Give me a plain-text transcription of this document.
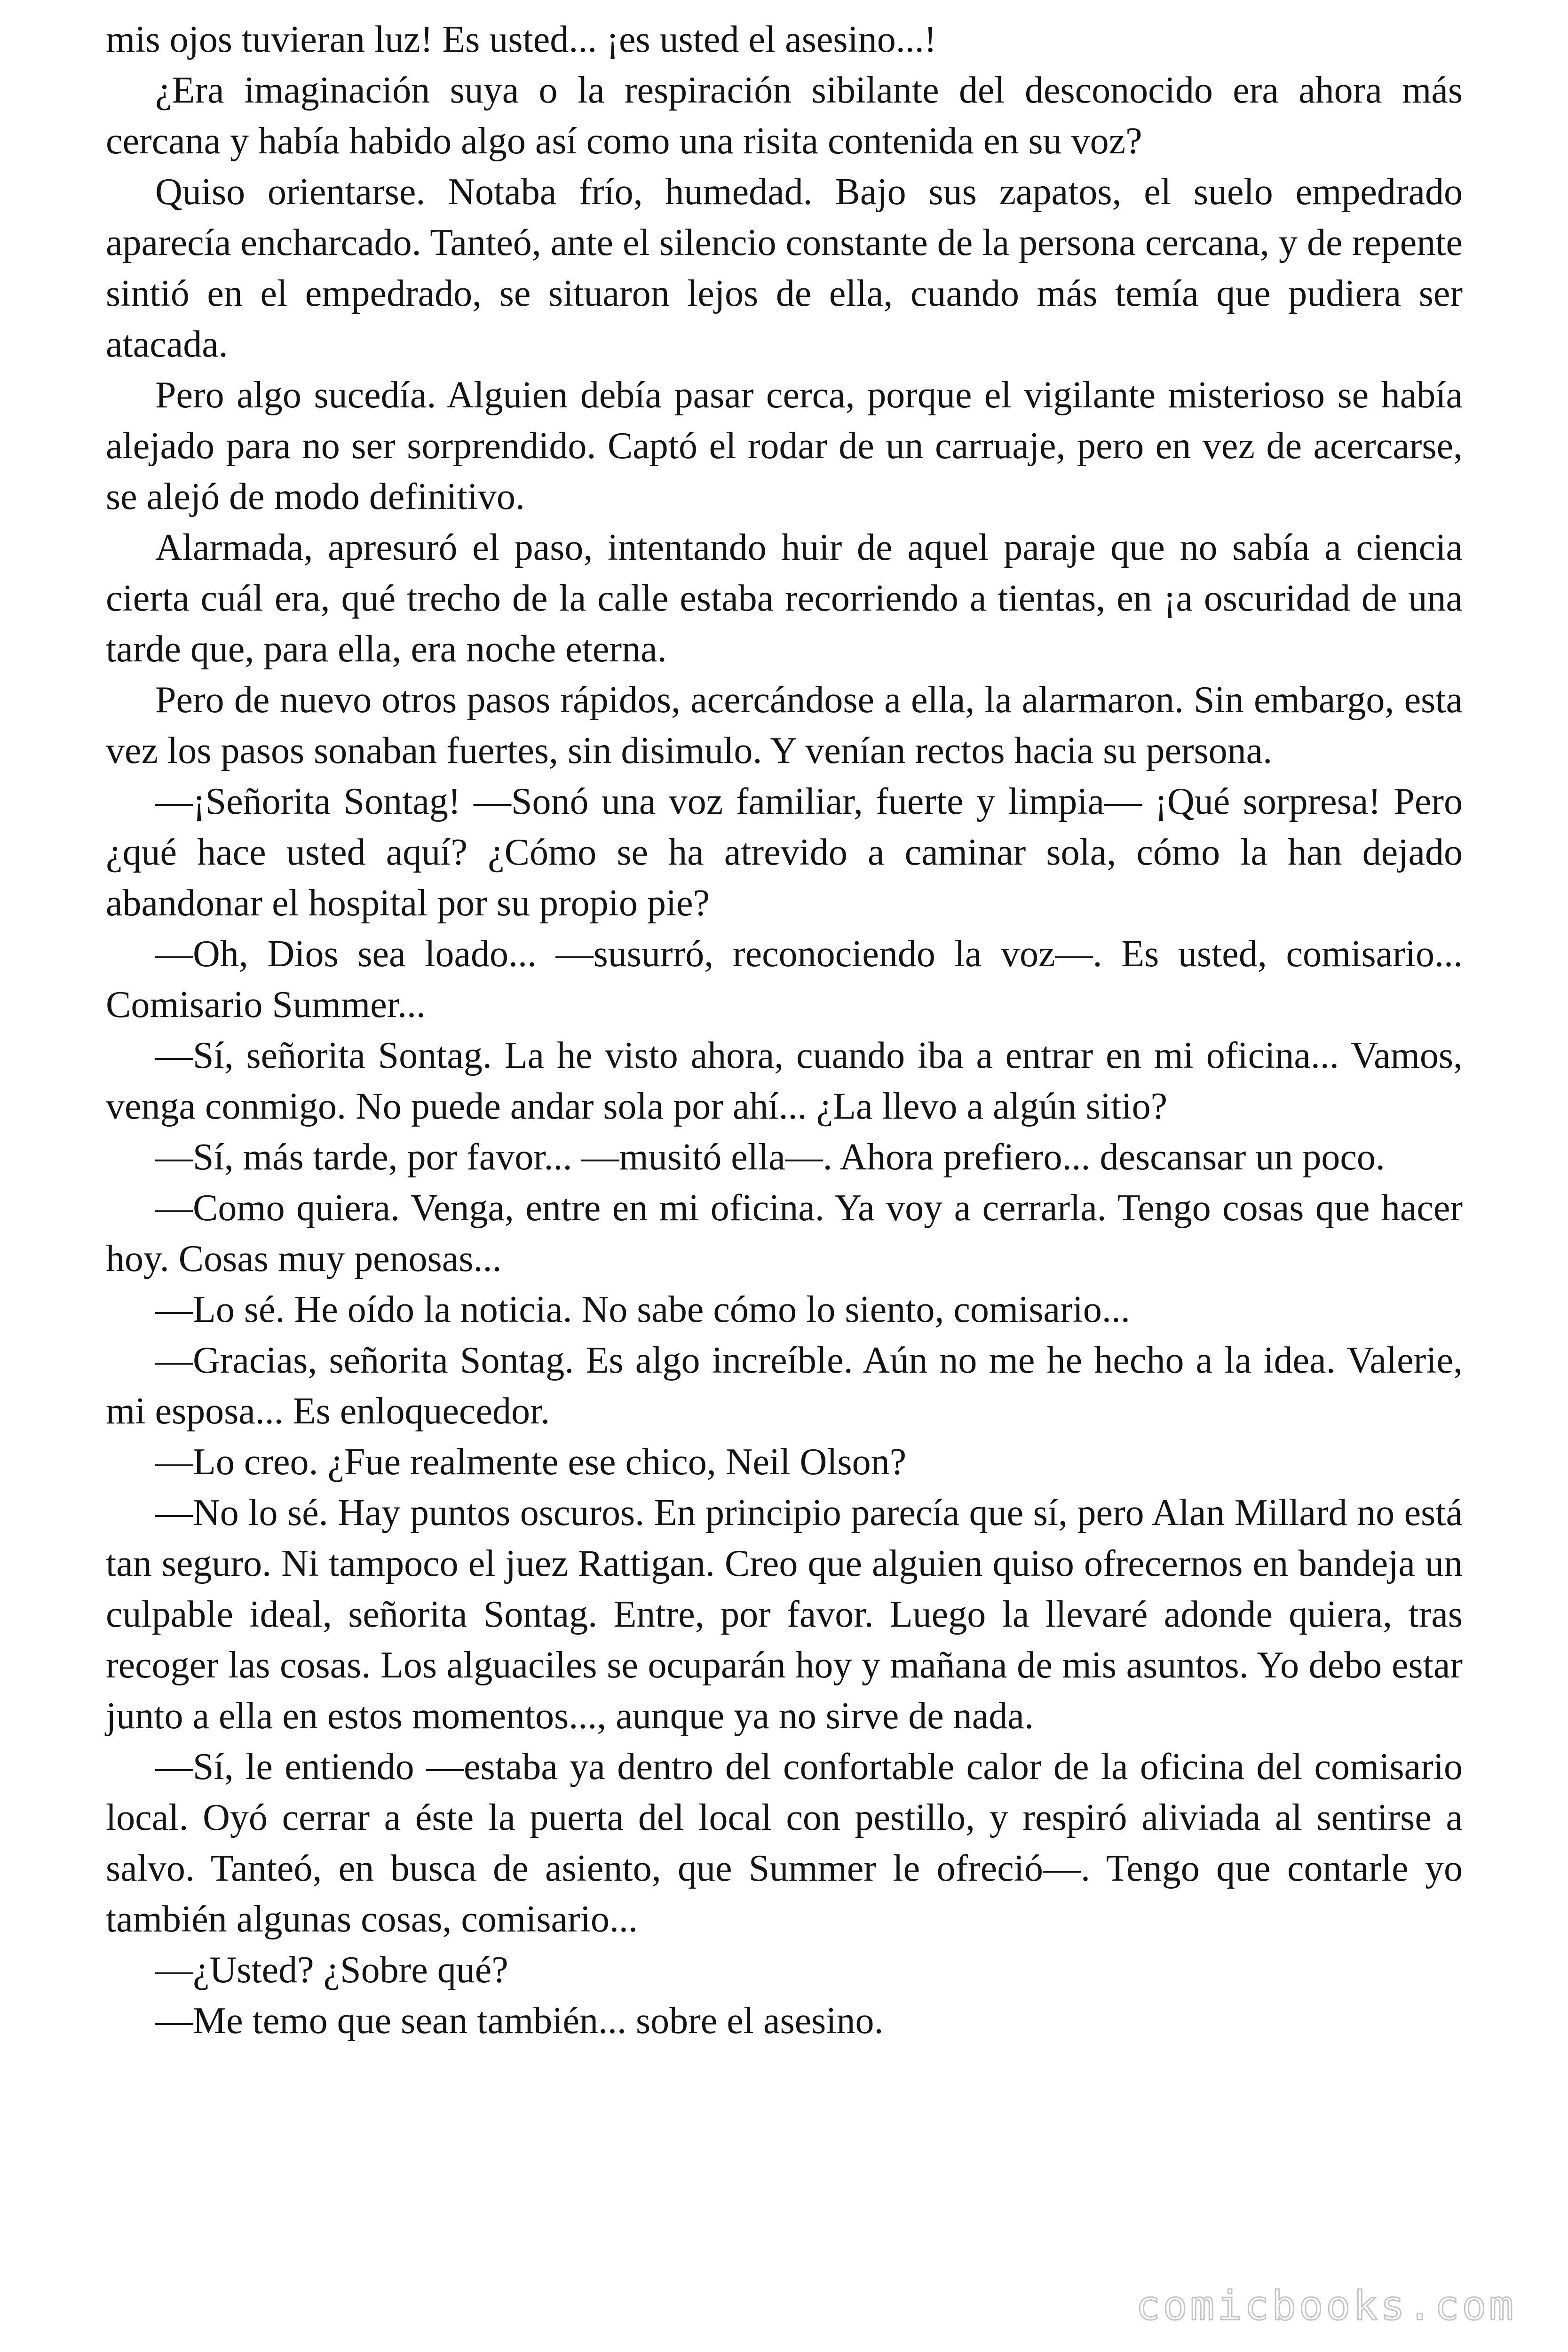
mis ojos tuvieran luz! Es usted... ¡es usted el asesino...!

¿Era imaginación suya o la respiración sibilante del desconocido era ahora más cercana y había habido algo así como una risita contenida en su voz?

Quiso orientarse. Notaba frío, humedad. Bajo sus zapatos, el suelo empedrado aparecía encharcado. Tanteó, ante el silencio constante de la persona cercana, y de repente sintió en el empedrado, se situaron lejos de ella, cuando más temía que pudiera ser atacada.

Pero algo sucedía. Alguien debía pasar cerca, porque el vigilante misterioso se había alejado para no ser sorprendido. Captó el rodar de un carruaje, pero en vez de acercarse, se alejó de modo definitivo.

Alarmada, apresuró el paso, intentando huir de aquel paraje que no sabía a ciencia cierta cuál era, qué trecho de la calle estaba recorriendo a tientas, en ¡a oscuridad de una tarde que, para ella, era noche eterna.

Pero de nuevo otros pasos rápidos, acercándose a ella, la alarmaron. Sin embargo, esta vez los pasos sonaban fuertes, sin disimulo. Y venían rectos hacia su persona.

—¡Señorita Sontag! —Sonó una voz familiar, fuerte y limpia— ¡Qué sorpresa! Pero ¿qué hace usted aquí? ¿Cómo se ha atrevido a caminar sola, cómo la han dejado abandonar el hospital por su propio pie?

—Oh, Dios sea loado... —susurró, reconociendo la voz—. Es usted, comisario... Comisario Summer...

—Sí, señorita Sontag. La he visto ahora, cuando iba a entrar en mi oficina... Vamos, venga conmigo. No puede andar sola por ahí... ¿La llevo a algún sitio?

—Sí, más tarde, por favor... —musitó ella—. Ahora prefiero... descansar un poco.

—Como quiera. Venga, entre en mi oficina. Ya voy a cerrarla. Tengo cosas que hacer hoy. Cosas muy penosas...

—Lo sé. He oído la noticia. No sabe cómo lo siento, comisario...

—Gracias, señorita Sontag. Es algo increíble. Aún no me he hecho a la idea. Valerie, mi esposa... Es enloquecedor.

—Lo creo. ¿Fue realmente ese chico, Neil Olson?

—No lo sé. Hay puntos oscuros. En principio parecía que sí, pero Alan Millard no está tan seguro. Ni tampoco el juez Rattigan. Creo que alguien quiso ofrecernos en bandeja un culpable ideal, señorita Sontag. Entre, por favor. Luego la llevaré adonde quiera, tras recoger las cosas. Los alguaciles se ocuparán hoy y mañana de mis asuntos. Yo debo estar junto a ella en estos momentos..., aunque ya no sirve de nada.

—Sí, le entiendo —estaba ya dentro del confortable calor de la oficina del comisario local. Oyó cerrar a éste la puerta del local con pestillo, y respiró aliviada al sentirse a salvo. Tanteó, en busca de asiento, que Summer le ofreció—. Tengo que contarle yo también algunas cosas, comisario...

—¿Usted? ¿Sobre qué?

—Me temo que sean también... sobre el asesino.

comicbooks.com
